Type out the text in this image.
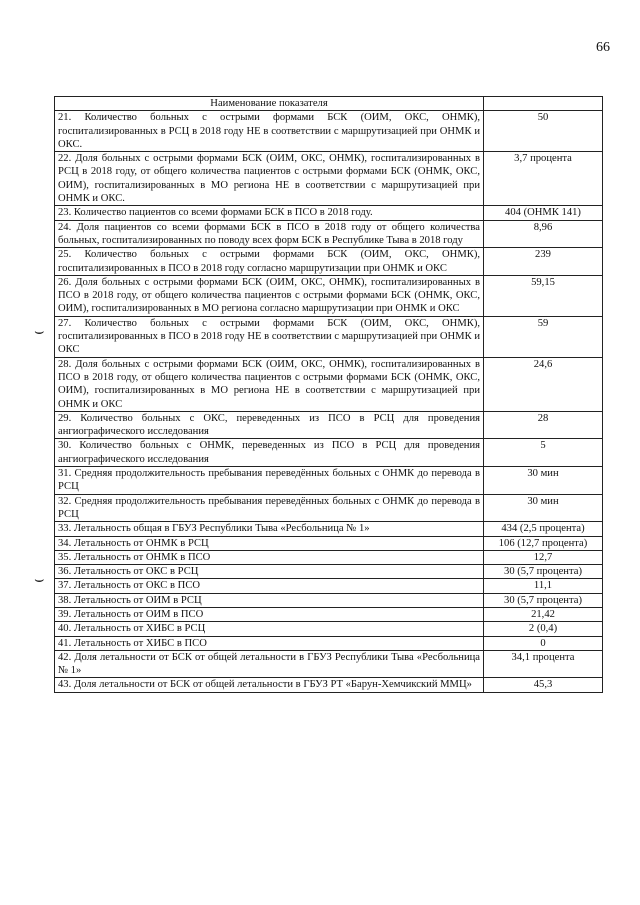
66
⌣
⌣
Наименование показателя	
21. Количество больных с острыми формами БСК (ОИМ, ОКС, ОНМК), госпитализированных в РСЦ в 2018 году НЕ в соответствии с маршрутизацией при ОНМК и ОКС.	50
22. Доля больных с острыми формами БСК (ОИМ, ОКС, ОНМК), госпитализированных в РСЦ в 2018 году, от общего количества пациентов с острыми формами БСК (ОНМК, ОКС, ОИМ), госпитализированных в МО региона НЕ в соответствии с маршрутизацией при ОНМК и ОКС.	3,7 процента
23. Количество пациентов со всеми формами БСК в ПСО в 2018 году.	404 (ОНМК 141)
24. Доля пациентов со всеми формами БСК в ПСО в 2018 году от общего количества больных, госпитализированных по поводу всех форм БСК в Республике Тыва в 2018 году	8,96
25. Количество больных с острыми формами БСК (ОИМ, ОКС, ОНМК), госпитализированных в ПСО в 2018 году согласно маршрутизации при ОНМК и ОКС	239
26. Доля больных с острыми формами БСК (ОИМ, ОКС, ОНМК), госпитализированных в ПСО в 2018 году, от общего количества пациентов с острыми формами БСК (ОНМК, ОКС, ОИМ), госпитализированных в МО региона согласно маршрутизации при ОНМК и ОКС	59,15
27. Количество больных с острыми формами БСК (ОИМ, ОКС, ОНМК), госпитализированных в ПСО в 2018 году НЕ в соответствии с маршрутизацией при ОНМК и ОКС	59
28. Доля больных с острыми формами БСК (ОИМ, ОКС, ОНМК), госпитализированных в ПСО в 2018 году, от общего количества пациентов с острыми формами БСК (ОНМК, ОКС, ОИМ), госпитализированных в МО региона НЕ в соответствии с маршрутизацией при ОНМК и ОКС	24,6
29. Количество больных с ОКС, переведенных из ПСО в РСЦ для проведения ангиографического исследования	28
30. Количество больных с ОНМК, переведенных из ПСО в РСЦ для проведения ангиографического исследования	5
31. Средняя продолжительность пребывания переведённых больных с ОНМК до перевода в РСЦ	30 мин
32. Средняя продолжительность пребывания переведённых больных с ОНМК до перевода в РСЦ	30 мин
33. Летальность общая в ГБУЗ Республики Тыва «Ресбольница № 1»	434 (2,5 процента)
34. Летальность от ОНМК в РСЦ	106 (12,7 процента)
35. Летальность от ОНМК в ПСО	12,7
36. Летальность от ОКС в РСЦ	30 (5,7 процента)
37. Летальность от ОКС в ПСО	11,1
38. Летальность от ОИМ в РСЦ	30 (5,7 процента)
39. Летальность от ОИМ в ПСО	21,42
40. Летальность от ХИБС в РСЦ	2 (0,4)
41. Летальность от ХИБС в ПСО	0
42. Доля летальности от БСК от общей летальности в ГБУЗ Республики Тыва «Ресбольница № 1»	34,1 процента
43. Доля летальности от БСК от общей летальности в ГБУЗ РТ «Барун-Хемчикский ММЦ»	45,3
